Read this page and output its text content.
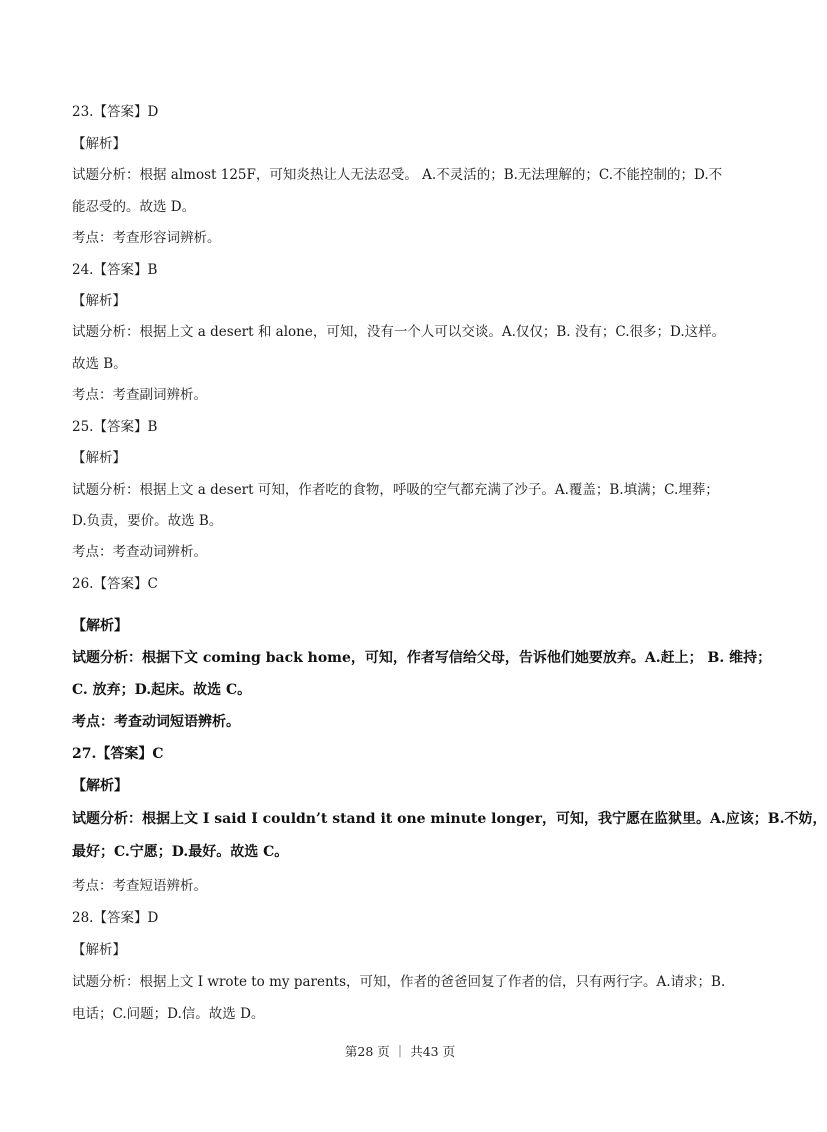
23.【答案】D
【解析】
试题分析：根据 almost 125F，可知炎热让人无法忍受。 A.不灵活的；B.无法理解的；C.不能控制的；D.不
能忍受的。故选 D。
考点：考查形容词辨析。
24.【答案】B
【解析】
试题分析：根据上文 a desert 和 alone，可知，没有一个人可以交谈。A.仅仅；B. 没有；C.很多；D.这样。
故选 B。
考点：考查副词辨析。
25.【答案】B
【解析】
试题分析：根据上文 a desert 可知，作者吃的食物，呼吸的空气都充满了沙子。A.覆盖；B.填满；C.埋葬；
D.负责，要价。故选 B。
考点：考查动词辨析。
26.【答案】C
【解析】
试题分析：根据下文 coming back home，可知，作者写信给父母，告诉他们她要放弃。A.赶上； B. 维持；
C. 放弃；D.起床。故选 C。
考点：考查动词短语辨析。
27.【答案】C
【解析】
试题分析：根据上文 I said I couldn’t stand it one minute longer，可知，我宁愿在监狱里。A.应该；B.不妨，
最好；C.宁愿；D.最好。故选 C。
考点：考查短语辨析。
28.【答案】D
【解析】
试题分析：根据上文 I wrote to my parents，可知，作者的爸爸回复了作者的信，只有两行字。A.请求；B.
电话；C.问题；D.信。故选 D。
第28 页 ｜ 共43 页
